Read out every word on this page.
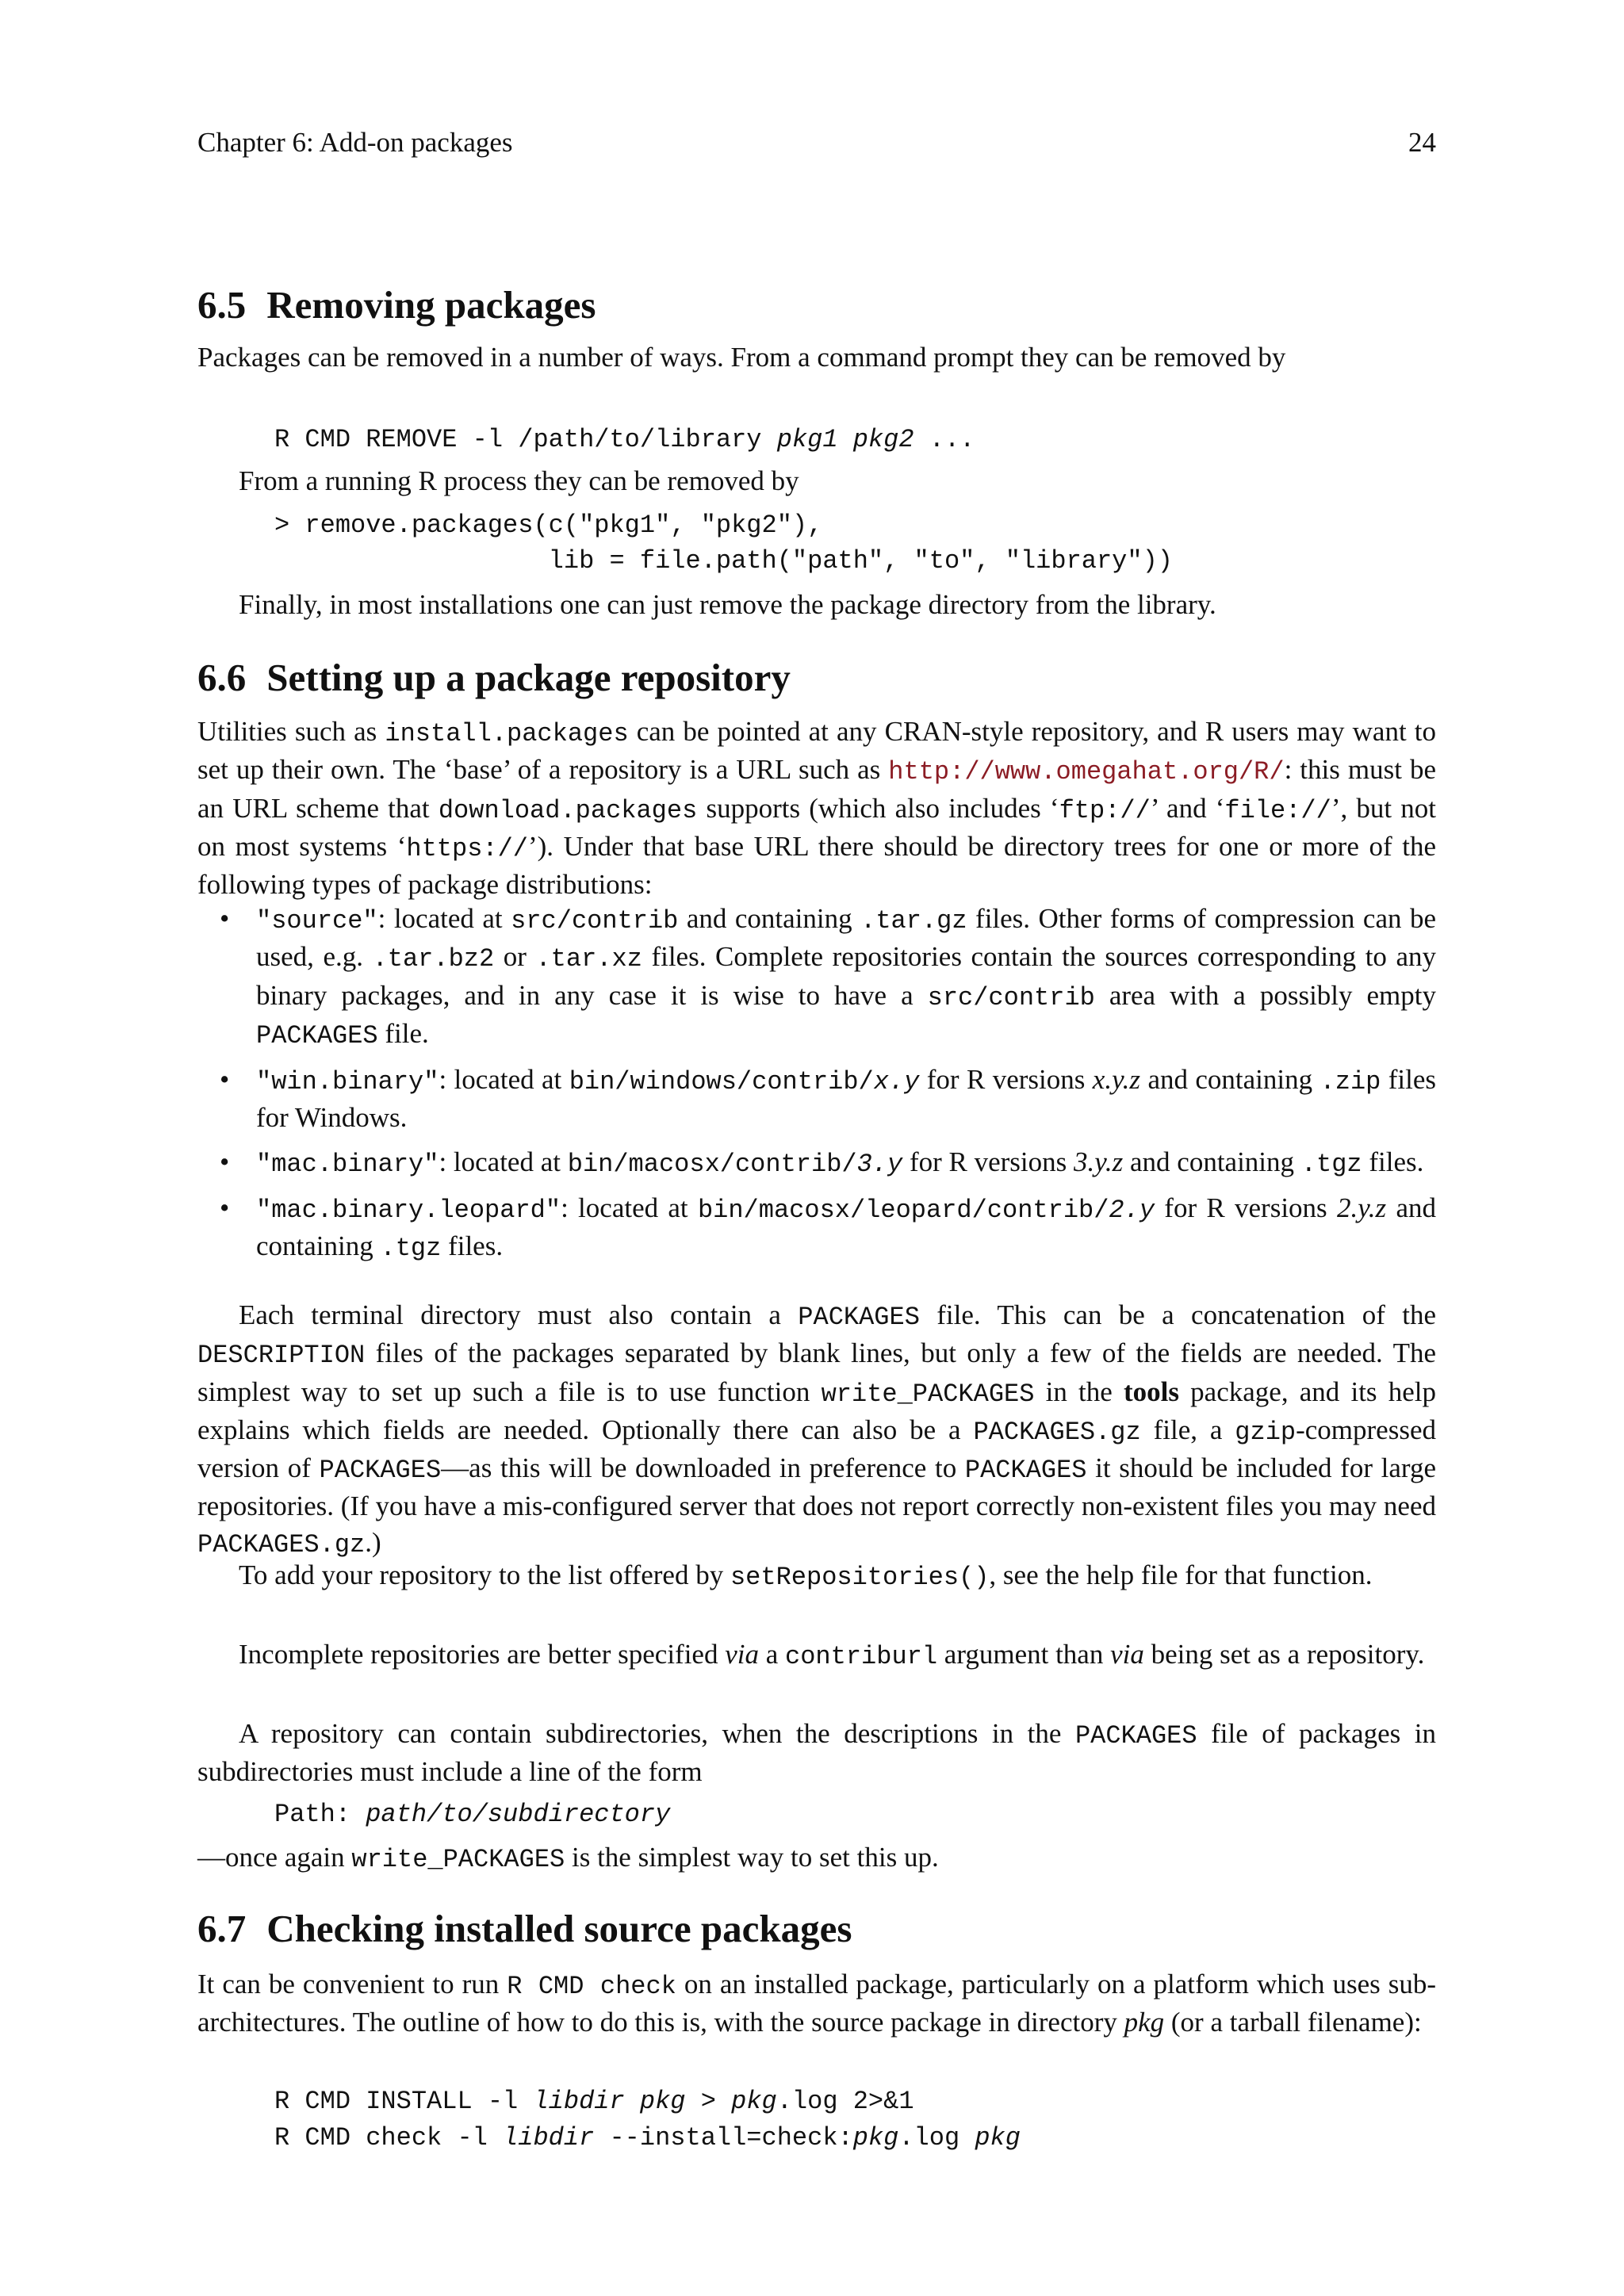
Chapter 6: Add-on packages	24
6.5 Removing packages

Packages can be removed in a number of ways. From a command prompt they can be removed by

R CMD REMOVE -l /path/to/library pkg1 pkg2 ...

From a running R process they can be removed by

> remove.packages(c("pkg1", "pkg2"),
lib = file.path("path", "to", "library"))

Finally, in most installations one can just remove the package directory from the library.

6.6 Setting up a package repository

Utilities such as install.packages can be pointed at any CRAN-style repository, and R users may want to set up their own. The ‘base’ of a repository is a URL such as http://www.omegahat.org/R/: this must be an URL scheme that download.packages supports (which also includes ‘ftp://’ and ‘file://’, but not on most systems ‘https://’). Under that base URL there should be directory trees for one or more of the following types of package distributions:

• "source": located at src/contrib and containing .tar.gz files. Other forms of compression can be used, e.g. .tar.bz2 or .tar.xz files. Complete repositories contain the sources corresponding to any binary packages, and in any case it is wise to have a src/contrib area with a possibly empty PACKAGES file.
• "win.binary": located at bin/windows/contrib/x.y for R versions x.y.z and containing .zip files for Windows.
• "mac.binary": located at bin/macosx/contrib/3.y for R versions 3.y.z and containing .tgz files.
• "mac.binary.leopard": located at bin/macosx/leopard/contrib/2.y for R versions 2.y.z and containing .tgz files.

Each terminal directory must also contain a PACKAGES file. This can be a concatenation of the DESCRIPTION files of the packages separated by blank lines, but only a few of the fields are needed. The simplest way to set up such a file is to use function write_PACKAGES in the tools package, and its help explains which fields are needed. Optionally there can also be a PACKAGES.gz file, a gzip-compressed version of PACKAGES—as this will be downloaded in preference to PACKAGES it should be included for large repositories. (If you have a mis-configured server that does not report correctly non-existent files you may need PACKAGES.gz.)

To add your repository to the list offered by setRepositories(), see the help file for that function.

Incomplete repositories are better specified via a contriburl argument than via being set as a repository.

A repository can contain subdirectories, when the descriptions in the PACKAGES file of packages in subdirectories must include a line of the form

Path: path/to/subdirectory

—once again write_PACKAGES is the simplest way to set this up.

6.7 Checking installed source packages

It can be convenient to run R CMD check on an installed package, particularly on a platform which uses sub-architectures. The outline of how to do this is, with the source package in directory pkg (or a tarball filename):

R CMD INSTALL -l libdir pkg > pkg.log 2>&1
R CMD check -l libdir --install=check:pkg.log pkg
